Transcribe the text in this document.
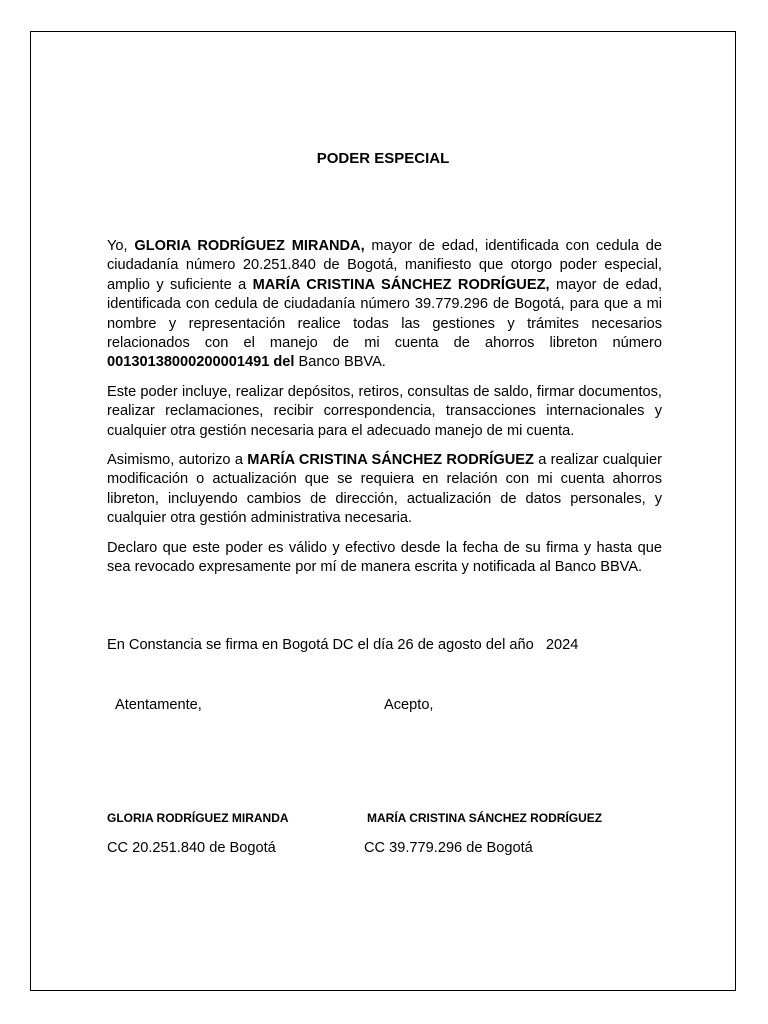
PODER ESPECIAL

Yo, GLORIA RODRÍGUEZ MIRANDA, mayor de edad, identificada con cedula de ciudadanía número 20.251.840 de Bogotá, manifiesto que otorgo poder especial, amplio y suficiente a MARÍA CRISTINA SÁNCHEZ RODRÍGUEZ, mayor de edad, identificada con cedula de ciudadanía número 39.779.296 de Bogotá, para que a mi nombre y representación realice todas las gestiones y trámites necesarios relacionados con el manejo de mi cuenta de ahorros libreton número 00130138000200001491 del Banco BBVA.

Este poder incluye, realizar depósitos, retiros, consultas de saldo, firmar documentos, realizar reclamaciones, recibir correspondencia, transacciones internacionales y cualquier otra gestión necesaria para el adecuado manejo de mi cuenta.

Asimismo, autorizo a MARÍA CRISTINA SÁNCHEZ RODRÍGUEZ a realizar cualquier modificación o actualización que se requiera en relación con mi cuenta ahorros libreton, incluyendo cambios de dirección, actualización de datos personales, y cualquier otra gestión administrativa necesaria.

Declaro que este poder es válido y efectivo desde la fecha de su firma y hasta que sea revocado expresamente por mí de manera escrita y notificada al Banco BBVA.

En Constancia se firma en Bogotá DC el día 26 de agosto del año   2024

Atentamente,	Acepto,

GLORIA RODRÍGUEZ MIRANDA	MARÍA CRISTINA SÁNCHEZ RODRÍGUEZ

CC 20.251.840 de Bogotá	CC 39.779.296 de Bogotá
